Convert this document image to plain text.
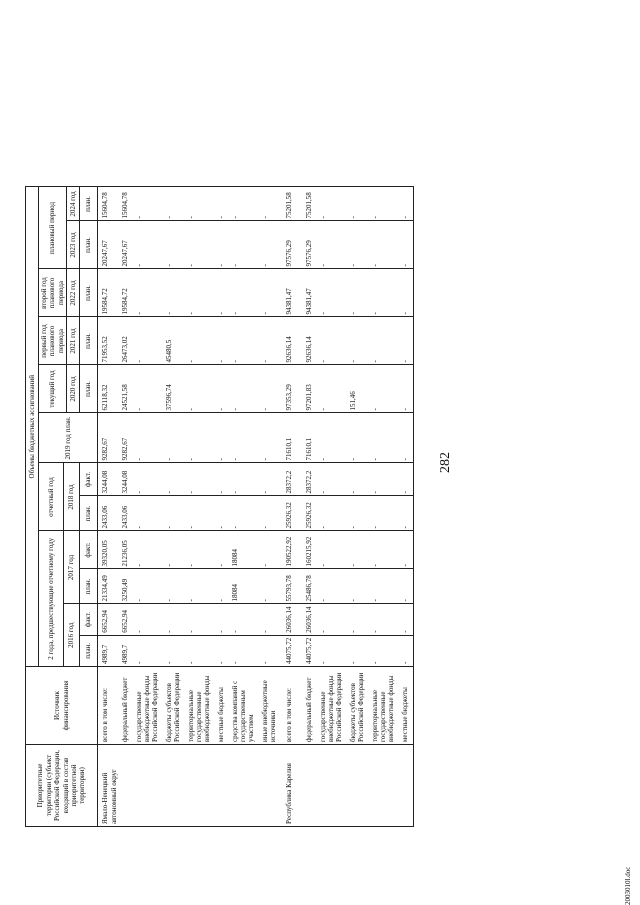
282
Приоритетные территории (субъект Российской Федерации, входящий в состав приоритетной территории)	Источник финансирования	Объемы бюджетных ассигнований											
		2 года, предшествующие отчетному году				отчетный год		2019 год план.	текущий год	первый год планового периода	второй год планового периода	плановый период	
		2016 год		2017 год		2018 год							
									2020 год	2021 год	2022 год	2023 год	2024 год
		план.	факт.	план.	факт.	план.	факт.		план.	план.	план.	план.	план.
Ямало-Ненецкий автономный округ	всего в том числе:	4989,7	6652,94	21334,49	39320,05	2433,06	3244,08	9282,67	62118,32	71953,52	19584,72	20247,67	15604,78
	федеральный бюджет	4989,7	6652,94	3250,49	21236,05	2433,06	3244,08	9282,67	24521,58	26473,02	19584,72	20247,67	15604,78
	государственные внебюджетные фонды Российской Федерации	-	-	-	-	-	-	-	-	-	-	-	-
	бюджеты субъектов Российской Федерации	-	-	-	-	-	-	-	37596,74	45480,5	-	-	-
	территориальные государственные внебюджетные фонды	-	-	-	-	-	-	-	-	-	-	-	-
	местные бюджеты	-	-	-	-	-	-	-	-	-	-	-	-
	средства компаний с государственным участием	-	-	18084	18084	-	-	-	-	-	-	-	-
	иные внебюджетные источники	-	-	-	-	-	-	-	-	-	-	-	-
Республика Карелия	всего в том числе:	44075,72	26036,14	55793,78	190522,92	25926,32	28372,2	71610,1	97353,29	92636,14	94381,47	97576,29	75201,58
	федеральный бюджет	44075,72	26036,14	25486,78	160215,92	25926,32	28372,2	71610,1	97201,83	92636,14	94381,47	97576,29	75201,58
	государственные внебюджетные фонды Российской Федерации	-	-	-	-	-	-	-	-	-	-	-	-
	бюджеты субъектов Российской Федерации	-	-	-	-	-	-	-	151,46	-	-	-	-
	территориальные государственные внебюджетные фонды	-	-	-	-	-	-	-	-	-	-	-	-
	местные бюджеты	-	-	-	-	-	-	-	-	-	-	-	-
2003010l.doc
